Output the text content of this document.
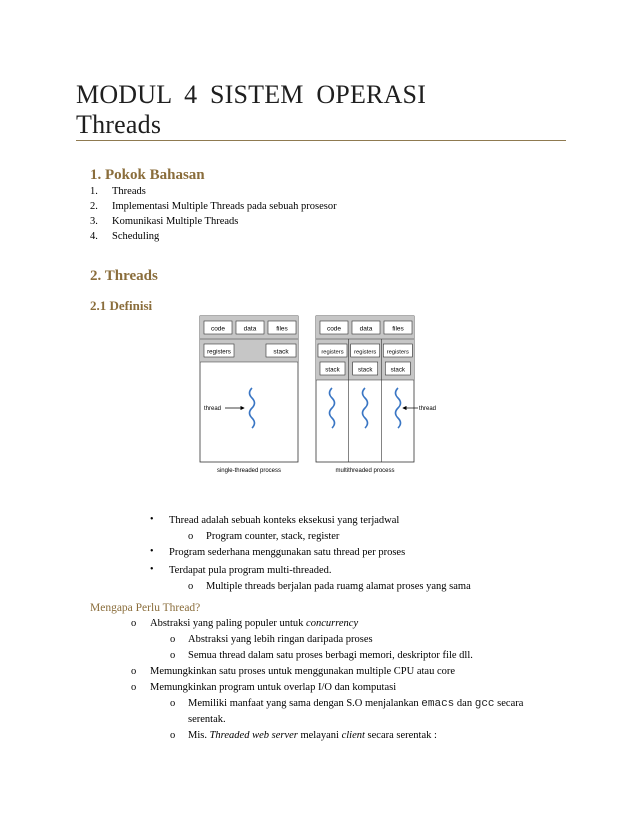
MODUL 4 SISTEM OPERASI
Threads
1. Pokok Bahasan
1. Threads
2. Implementasi Multiple Threads pada sebuah prosesor
3. Komunikasi Multiple Threads
4. Scheduling
2. Threads
2.1 Definisi
code	data	files
registers	stack
thread
single-threaded process
code	data	files
registers registers registers
stack	stack	stack
thread
multithreaded process
• Thread adalah sebuah konteks eksekusi yang terjadwal
o Program counter, stack, register
• Program sederhana menggunakan satu thread per proses
• Terdapat pula program multi-threaded.
o Multiple threads berjalan pada ruamg alamat proses yang sama
Mengapa Perlu Thread?
o Abstraksi yang paling populer untuk concurrency
o Abstraksi yang lebih ringan daripada proses
o Semua thread dalam satu proses berbagi memori, deskriptor file dll.
o Memungkinkan satu proses untuk menggunakan multiple CPU atau core
o Memungkinkan program untuk overlap I/O dan komputasi
o Memiliki manfaat yang sama dengan S.O menjalankan emacs dan gcc secara
serentak.
o Mis. Threaded web server melayani client secara serentak :
